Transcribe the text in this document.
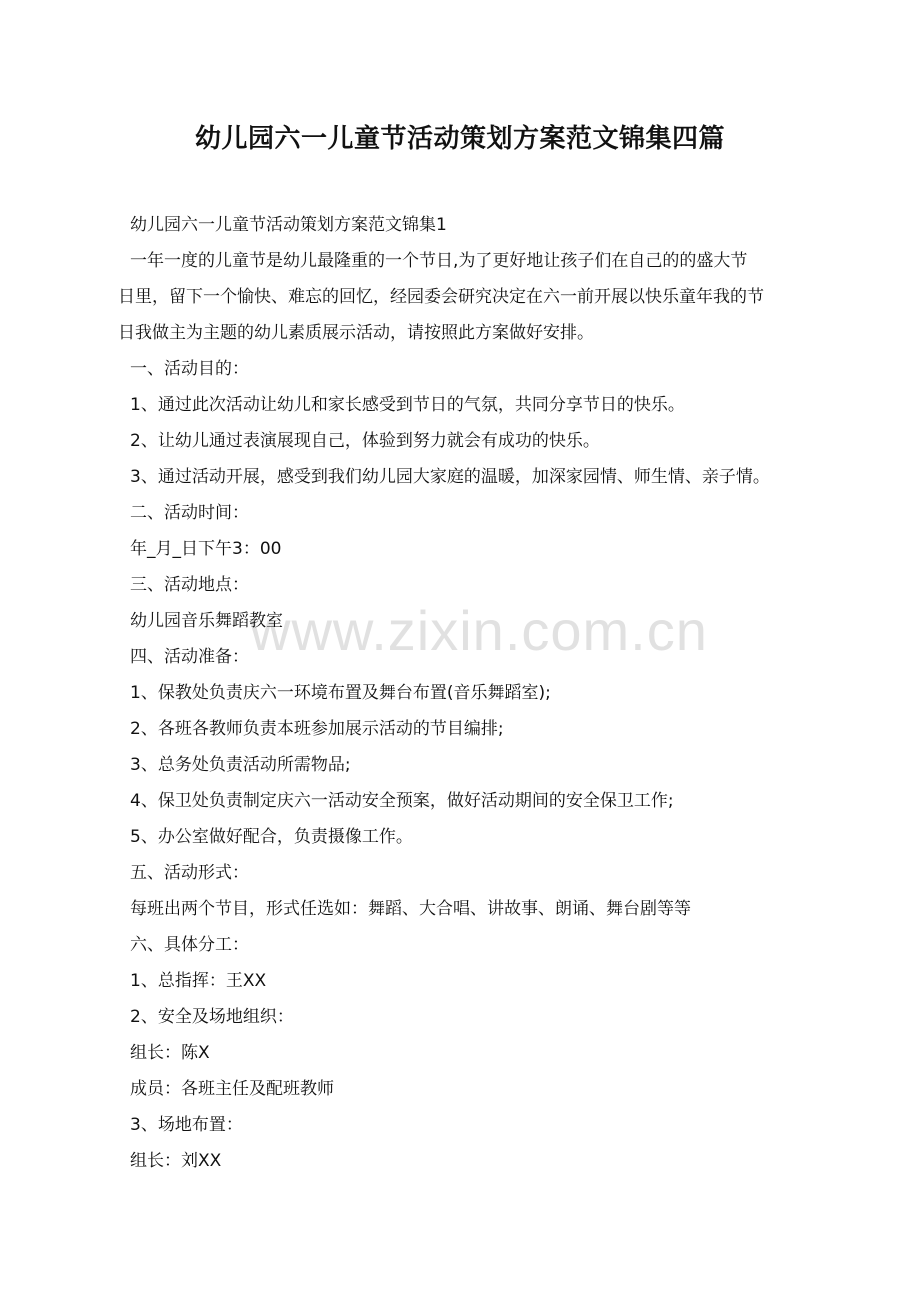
幼儿园六一儿童节活动策划方案范文锦集四篇
www.zixin.com.cn
幼儿园六一儿童节活动策划方案范文锦集1
一年一度的儿童节是幼儿最隆重的一个节日,为了更好地让孩子们在自己的的盛大节
日里，留下一个愉快、难忘的回忆，经园委会研究决定在六一前开展以快乐童年我的节
日我做主为主题的幼儿素质展示活动，请按照此方案做好安排。
一、活动目的：
1、通过此次活动让幼儿和家长感受到节日的气氛，共同分享节日的快乐。
2、让幼儿通过表演展现自己，体验到努力就会有成功的快乐。
3、通过活动开展，感受到我们幼儿园大家庭的温暖，加深家园情、师生情、亲子情。
二、活动时间：
年_月_日下午3：00
三、活动地点：
幼儿园音乐舞蹈教室
四、活动准备：
1、保教处负责庆六一环境布置及舞台布置(音乐舞蹈室);
2、各班各教师负责本班参加展示活动的节目编排;
3、总务处负责活动所需物品;
4、保卫处负责制定庆六一活动安全预案，做好活动期间的安全保卫工作;
5、办公室做好配合，负责摄像工作。
五、活动形式：
每班出两个节目，形式任选如：舞蹈、大合唱、讲故事、朗诵、舞台剧等等
六、具体分工：
1、总指挥：王XX
2、安全及场地组织：
组长：陈X
成员：各班主任及配班教师
3、场地布置：
组长：刘XX
